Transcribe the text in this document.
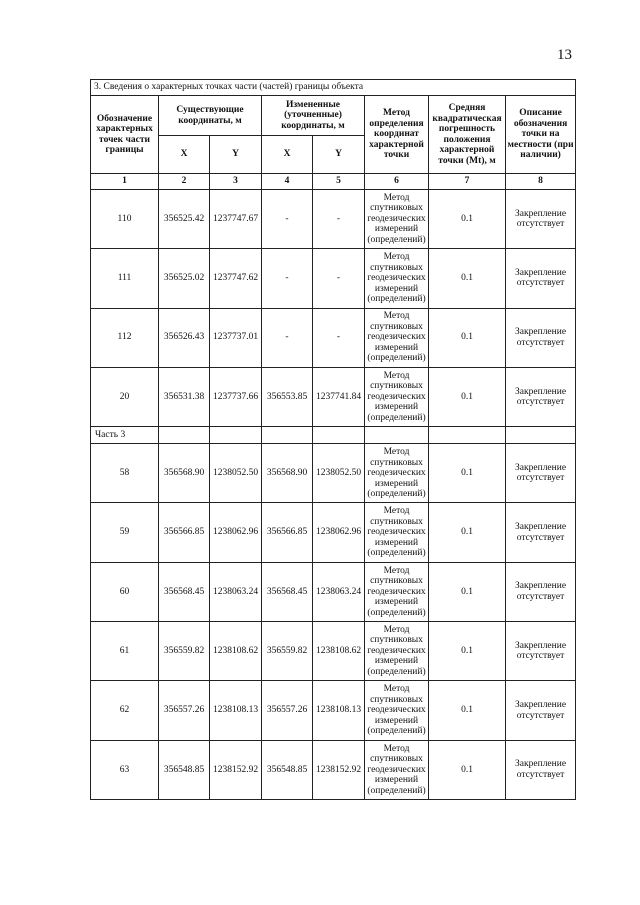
13
3. Сведения о характерных точках части (частей) границы объекта							
Обозначение характерных точек части границы	Существующие координаты, м		Измененные (уточненные) координаты, м		Метод определения координат характерной точки	Средняя квадратическая погрешность положения характерной точки (Mt), м	Описание обозначения точки на местности (при наличии)
	X	Y	X	Y			
1	2	3	4	5	6	7	8
110	356525.42	1237747.67	-	-	Метод спутниковых геодезических измерений (определений)	0.1	Закрепление отсутствует
111	356525.02	1237747.62	-	-	Метод спутниковых геодезических измерений (определений)	0.1	Закрепление отсутствует
112	356526.43	1237737.01	-	-	Метод спутниковых геодезических измерений (определений)	0.1	Закрепление отсутствует
20	356531.38	1237737.66	356553.85	1237741.84	Метод спутниковых геодезических измерений (определений)	0.1	Закрепление отсутствует
Часть 3							
58	356568.90	1238052.50	356568.90	1238052.50	Метод спутниковых геодезических измерений (определений)	0.1	Закрепление отсутствует
59	356566.85	1238062.96	356566.85	1238062.96	Метод спутниковых геодезических измерений (определений)	0.1	Закрепление отсутствует
60	356568.45	1238063.24	356568.45	1238063.24	Метод спутниковых геодезических измерений (определений)	0.1	Закрепление отсутствует
61	356559.82	1238108.62	356559.82	1238108.62	Метод спутниковых геодезических измерений (определений)	0.1	Закрепление отсутствует
62	356557.26	1238108.13	356557.26	1238108.13	Метод спутниковых геодезических измерений (определений)	0.1	Закрепление отсутствует
63	356548.85	1238152.92	356548.85	1238152.92	Метод спутниковых геодезических измерений (определений)	0.1	Закрепление отсутствует
